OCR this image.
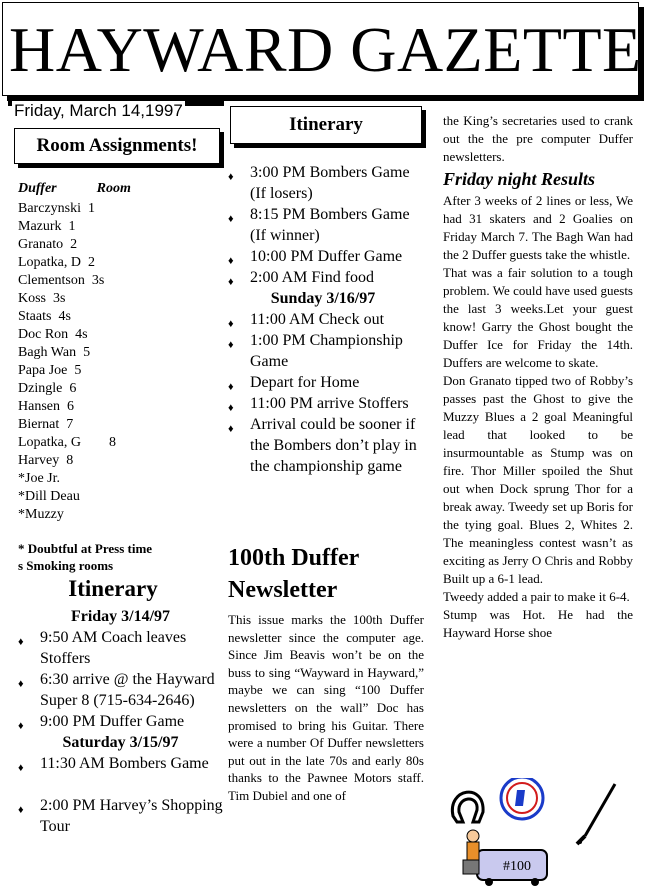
HAYWARD GAZETTE
Friday, March 14,1997
Room Assignments!
Duffer	Room
Barczynski  1
Mazurk  1
Granato  2
Lopatka, D  2
Clementson  3s
Koss  3s
Staats  4s
Doc Ron  4s
Bagh Wan  5
Papa Joe  5
Dzingle  6
Hansen  6
Biernat  7
Lopatka, G        8
Harvey  8
*Joe Jr.
*Dill Deau
*Muzzy
* Doubtful at Press time
s Smoking rooms
Itinerary
Friday 3/14/97
♦ 9:50 AM Coach leaves Stoffers
♦ 6:30 arrive @ the Hayward Super 8 (715-634-2646)
♦ 9:00 PM Duffer Game
Saturday 3/15/97
♦ 11:30 AM Bombers Game
♦ 2:00 PM Harvey’s Shopping Tour
Itinerary
♦ 3:00 PM Bombers Game (If losers)
♦ 8:15 PM Bombers Game (If winner)
♦ 10:00 PM Duffer Game
♦ 2:00 AM Find food
Sunday 3/16/97
♦ 11:00 AM Check out
♦ 1:00 PM Championship Game
♦ Depart for Home
♦ 11:00 PM arrive Stoffers
♦ Arrival could be sooner if the Bombers don’t play in the championship game
100th Duffer Newsletter
This issue marks the 100th Duffer newsletter since the computer age. Since Jim Beavis won’t be on the buss to sing “Wayward in Hayward,” maybe we can sing “100 Duffer newsletters on the wall” Doc has promised to bring his Guitar. There were a number Of Duffer newsletters put out in the late 70s and early 80s thanks to the Pawnee Motors staff. Tim Dubiel and one of

the King’s secretaries used to crank out the the pre computer Duffer newsletters.

Friday night Results

After 3 weeks of 2 lines or less, We had 31 skaters and 2 Goalies on Friday March 7. The Bagh Wan had the 2 Duffer guests take the whistle.

That was a fair solution to a tough problem. We could have used guests the last 3 weeks.Let your guest know! Garry the Ghost bought the Duffer Ice for Friday the 14th. Duffers are welcome to skate.

Don Granato tipped two of Robby’s passes past the Ghost to give the Muzzy Blues a 2 goal Meaningful lead that looked to be insurmountable as Stump was on fire. Thor Miller spoiled the Shut out when Dock sprung Thor for a break away. Tweedy set up Boris for the tying goal. Blues 2, Whites 2. The meaningless contest wasn’t as exciting as Jerry O Chris and Robby Built up a 6-1 lead.

Tweedy added a pair to make it 6-4.

Stump was Hot. He had the Hayward Horse shoe

#100
